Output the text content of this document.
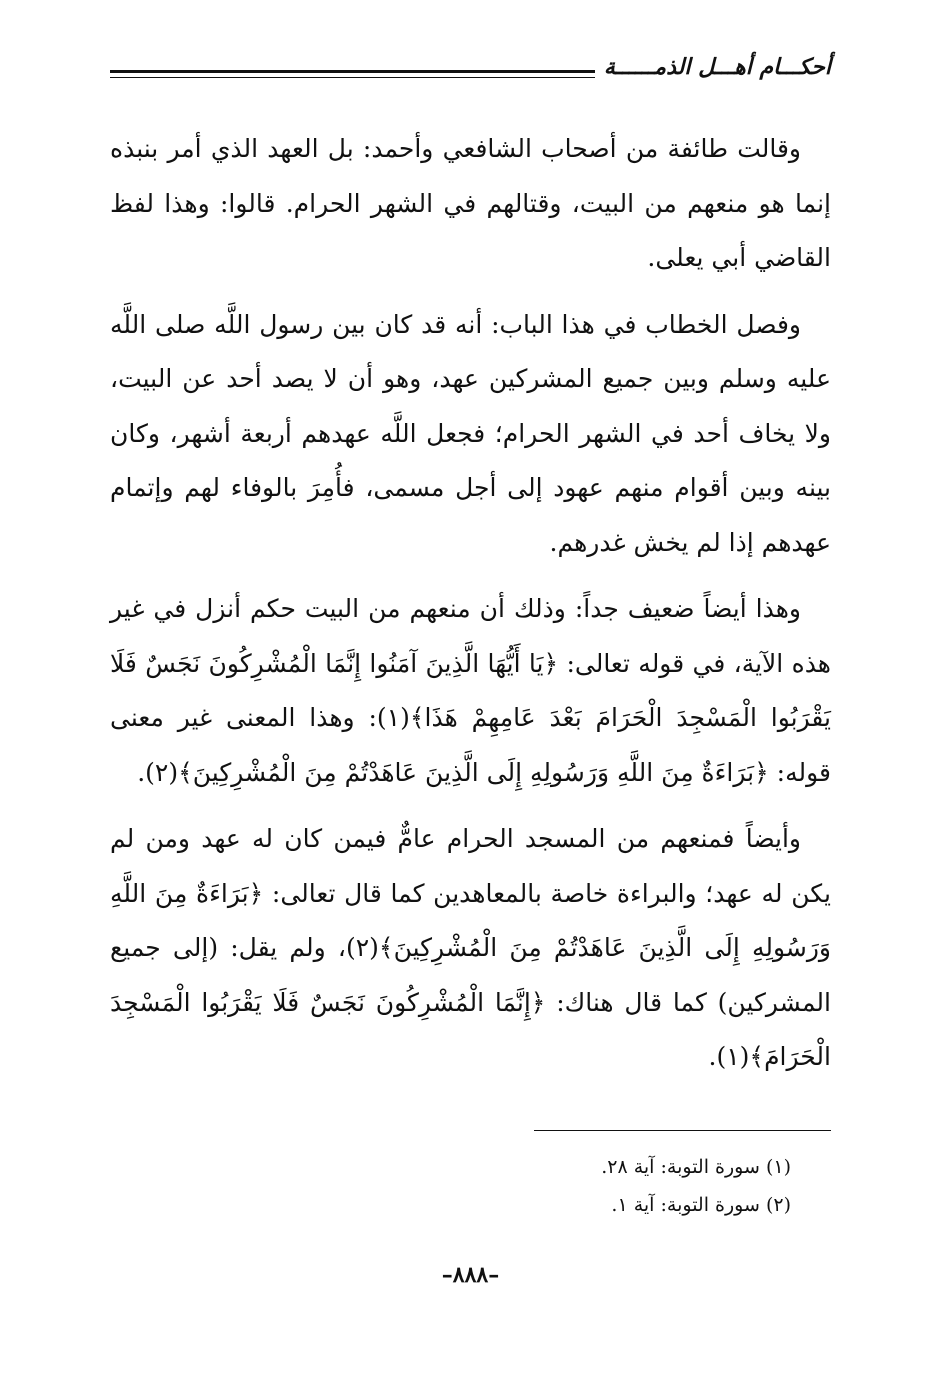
أحكـــام أهـــل الذمــــــة

وقالت طائفة من أصحاب الشافعي وأحمد: بل العهد الذي أمر بنبذه إنما هو منعهم من البيت، وقتالهم في الشهر الحرام. قالوا: وهذا لفظ القاضي أبي يعلى.

وفصل الخطاب في هذا الباب: أنه قد كان بين رسول اللَّه صلى اللَّه عليه وسلم وبين جميع المشركين عهد، وهو أن لا يصد أحد عن البيت، ولا يخاف أحد في الشهر الحرام؛ فجعل اللَّه عهدهم أربعة أشهر، وكان بينه وبين أقوام منهم عهود إلى أجل مسمى، فأُمِرَ بالوفاء لهم وإتمام عهدهم إذا لم يخش غدرهم.

وهذا أيضاً ضعيف جداً: وذلك أن منعهم من البيت حكم أنزل في غير هذه الآية، في قوله تعالى: ﴿يَا أَيُّهَا الَّذِينَ آمَنُوا إِنَّمَا الْمُشْرِكُونَ نَجَسٌ فَلَا يَقْرَبُوا الْمَسْجِدَ الْحَرَامَ بَعْدَ عَامِهِمْ هَذَا﴾(١): وهذا المعنى غير معنى قوله: ﴿بَرَاءَةٌ مِنَ اللَّهِ وَرَسُولِهِ إِلَى الَّذِينَ عَاهَدْتُمْ مِنَ الْمُشْرِكِينَ﴾(٢).

وأيضاً فمنعهم من المسجد الحرام عامٌّ فيمن كان له عهد ومن لم يكن له عهد؛ والبراءة خاصة بالمعاهدين كما قال تعالى: ﴿بَرَاءَةٌ مِنَ اللَّهِ وَرَسُولِهِ إِلَى الَّذِينَ عَاهَدْتُمْ مِنَ الْمُشْرِكِينَ﴾(٢)، ولم يقل: (إلى جميع المشركين) كما قال هناك: ﴿إِنَّمَا الْمُشْرِكُونَ نَجَسٌ فَلَا يَقْرَبُوا الْمَسْجِدَ الْحَرَامَ﴾(١).

(١) سورة التوبة: آية ٢٨.

(٢) سورة التوبة: آية ١.

–٨٨٨–
